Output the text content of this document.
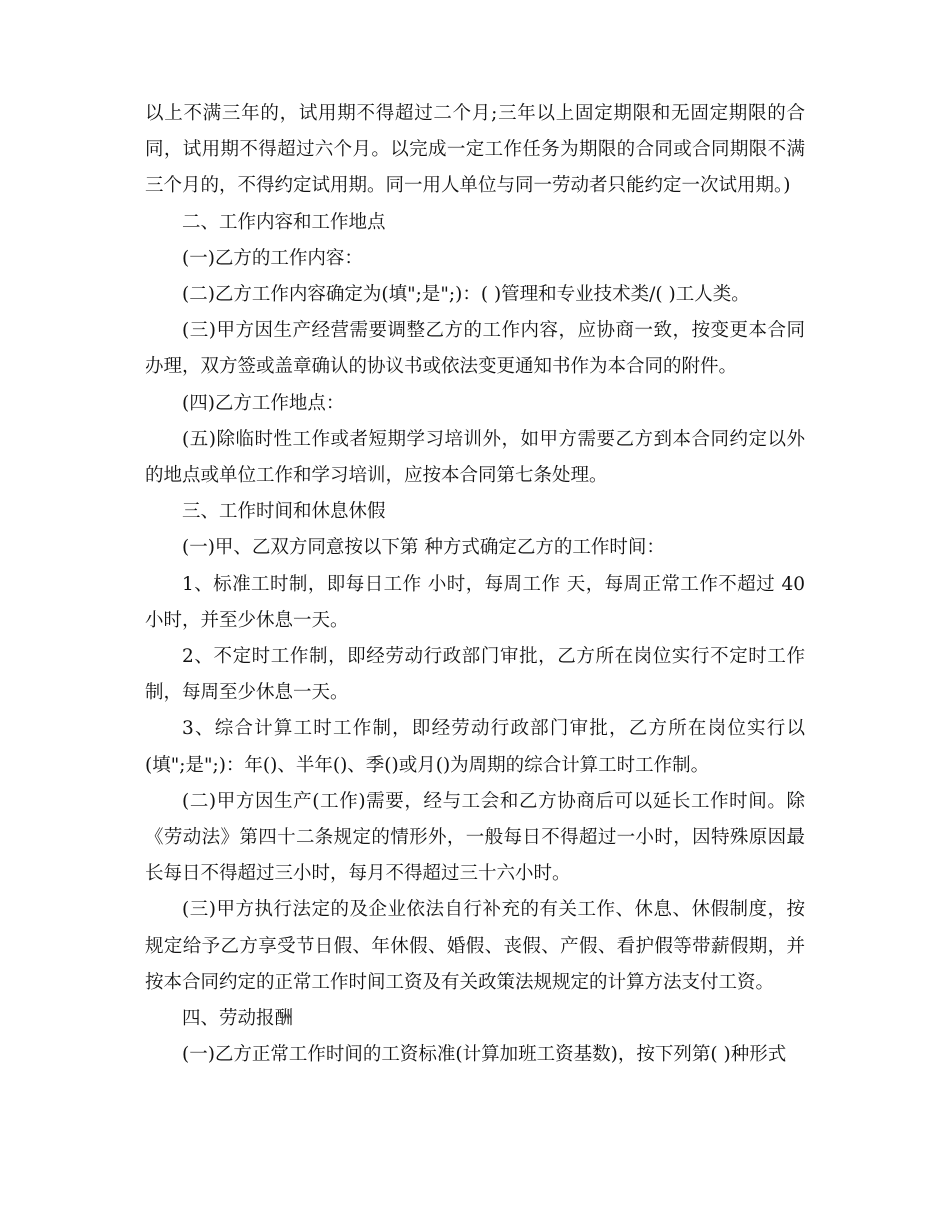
以上不满三年的，试用期不得超过二个月;三年以上固定期限和无固定期限的合同，试用期不得超过六个月。以完成一定工作任务为期限的合同或合同期限不满三个月的，不得约定试用期。同一用人单位与同一劳动者只能约定一次试用期。)

二、工作内容和工作地点

(一)乙方的工作内容：

(二)乙方工作内容确定为(填";是";)：( )管理和专业技术类/( )工人类。

(三)甲方因生产经营需要调整乙方的工作内容，应协商一致，按变更本合同办理，双方签或盖章确认的协议书或依法变更通知书作为本合同的附件。

(四)乙方工作地点：

(五)除临时性工作或者短期学习培训外，如甲方需要乙方到本合同约定以外的地点或单位工作和学习培训，应按本合同第七条处理。

三、工作时间和休息休假

(一)甲、乙双方同意按以下第 种方式确定乙方的工作时间：

1、标准工时制，即每日工作 小时，每周工作 天，每周正常工作不超过 40 小时，并至少休息一天。

2、不定时工作制，即经劳动行政部门审批，乙方所在岗位实行不定时工作制，每周至少休息一天。

3、综合计算工时工作制，即经劳动行政部门审批，乙方所在岗位实行以(填";是";)：年()、半年()、季()或月()为周期的综合计算工时工作制。

(二)甲方因生产(工作)需要，经与工会和乙方协商后可以延长工作时间。除《劳动法》第四十二条规定的情形外，一般每日不得超过一小时，因特殊原因最长每日不得超过三小时，每月不得超过三十六小时。

(三)甲方执行法定的及企业依法自行补充的有关工作、休息、休假制度，按规定给予乙方享受节日假、年休假、婚假、丧假、产假、看护假等带薪假期，并按本合同约定的正常工作时间工资及有关政策法规规定的计算方法支付工资。

四、劳动报酬

(一)乙方正常工作时间的工资标准(计算加班工资基数)，按下列第( )种形式
